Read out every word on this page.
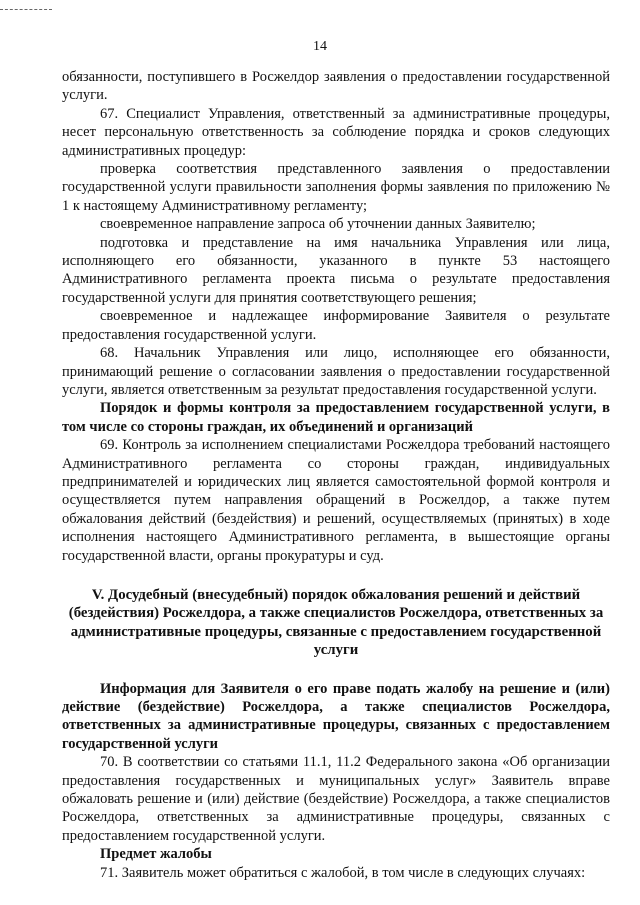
14

обязанности, поступившего в Росжелдор заявления о предоставлении государственной услуги.

67. Специалист Управления, ответственный за административные процедуры, несет персональную ответственность за соблюдение порядка и сроков следующих административных процедур:

проверка соответствия представленного заявления о предоставлении государственной услуги правильности заполнения формы заявления по приложению № 1 к настоящему Административному регламенту;

своевременное направление запроса об уточнении данных Заявителю;

подготовка и представление на имя начальника Управления или лица, исполняющего его обязанности, указанного в пункте 53 настоящего Административного регламента проекта письма о результате предоставления государственной услуги для принятия соответствующего решения;

своевременное и надлежащее информирование Заявителя о результате предоставления государственной услуги.

68. Начальник Управления или лицо, исполняющее его обязанности, принимающий решение о согласовании заявления о предоставлении государственной услуги, является ответственным за результат предоставления государственной услуги.

Порядок и формы контроля за предоставлением государственной услуги, в том числе со стороны граждан, их объединений и организаций

69. Контроль за исполнением специалистами Росжелдора требований настоящего Административного регламента со стороны граждан, индивидуальных предпринимателей и юридических лиц является самостоятельной формой контроля и осуществляется путем направления обращений в Росжелдор, а также путем обжалования действий (бездействия) и решений, осуществляемых (принятых) в ходе исполнения настоящего Административного регламента, в вышестоящие органы государственной власти, органы прокуратуры и суд.

V. Досудебный (внесудебный) порядок обжалования решений и действий (бездействия) Росжелдора, а также специалистов Росжелдора, ответственных за административные процедуры, связанные с предоставлением государственной услуги

Информация для Заявителя о его праве подать жалобу на решение и (или) действие (бездействие) Росжелдора, а также специалистов Росжелдора, ответственных за административные процедуры, связанных с предоставлением государственной услуги

70. В соответствии со статьями 11.1, 11.2 Федерального закона «Об организации предоставления государственных и муниципальных услуг» Заявитель вправе обжаловать решение и (или) действие (бездействие) Росжелдора, а также специалистов Росжелдора, ответственных за административные процедуры, связанных с предоставлением государственной услуги.

Предмет жалобы

71. Заявитель может обратиться с жалобой, в том числе в следующих случаях:
